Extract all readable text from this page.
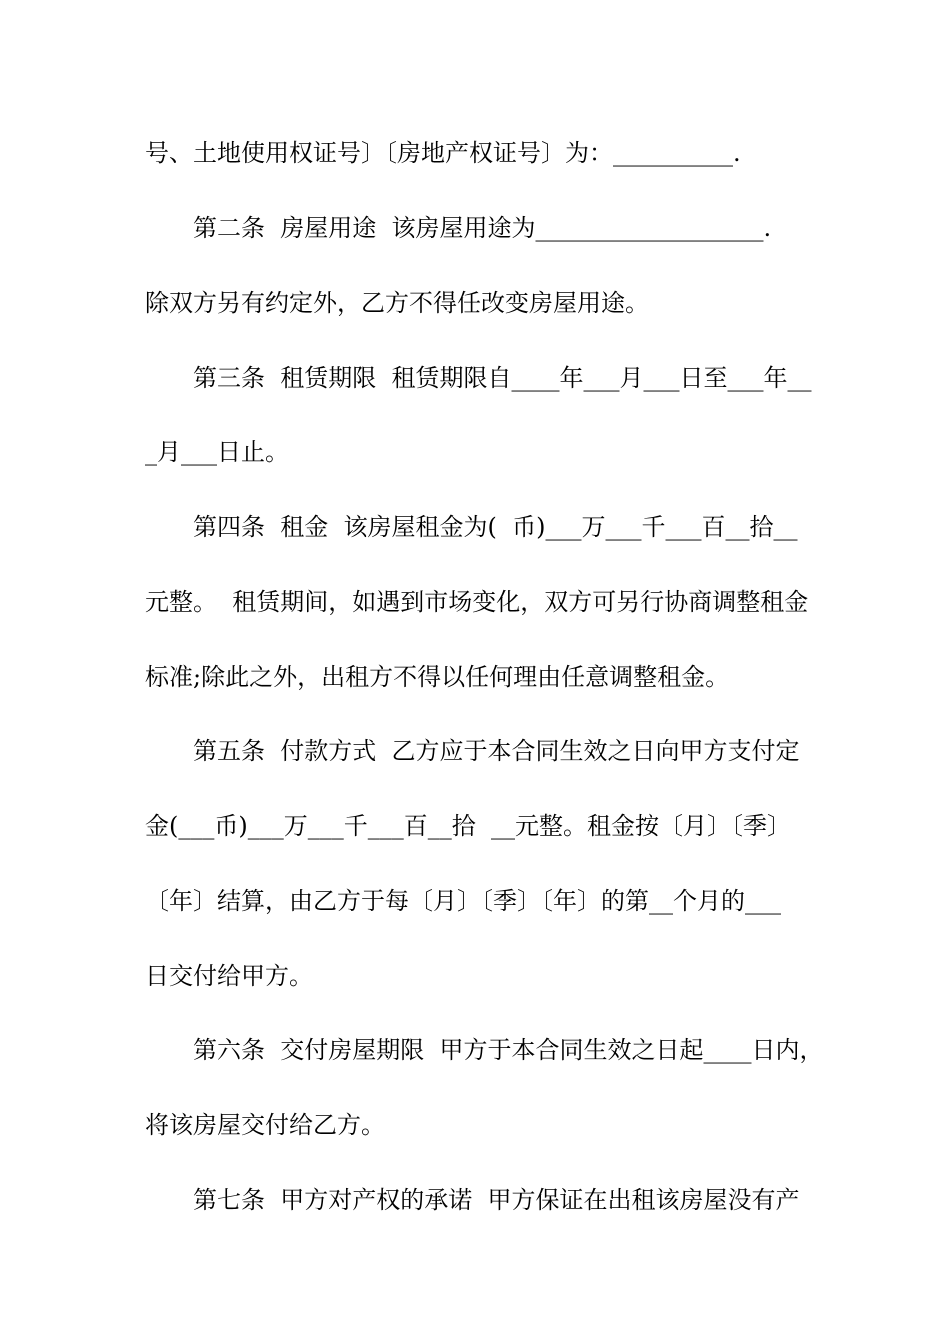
号、土地使用权证号〕〔房地产权证号〕为：__________.
第二条  房屋用途  该房屋用途为___________________.
除双方另有约定外，乙方不得任改变房屋用途。
第三条  租赁期限  租赁期限自____年___月___日至___年__
_月___日止。
第四条  租金  该房屋租金为(  币)___万___千___百__拾__
元整。  租赁期间，如遇到市场变化，双方可另行协商调整租金
标准;除此之外，出租方不得以任何理由任意调整租金。
第五条  付款方式  乙方应于本合同生效之日向甲方支付定
金(___币)___万___千___百__拾  __元整。租金按〔月〕〔季〕
〔年〕结算，由乙方于每〔月〕〔季〕〔年〕的第__个月的___
日交付给甲方。
第六条  交付房屋期限  甲方于本合同生效之日起____日内，
将该房屋交付给乙方。
第七条  甲方对产权的承诺  甲方保证在出租该房屋没有产
